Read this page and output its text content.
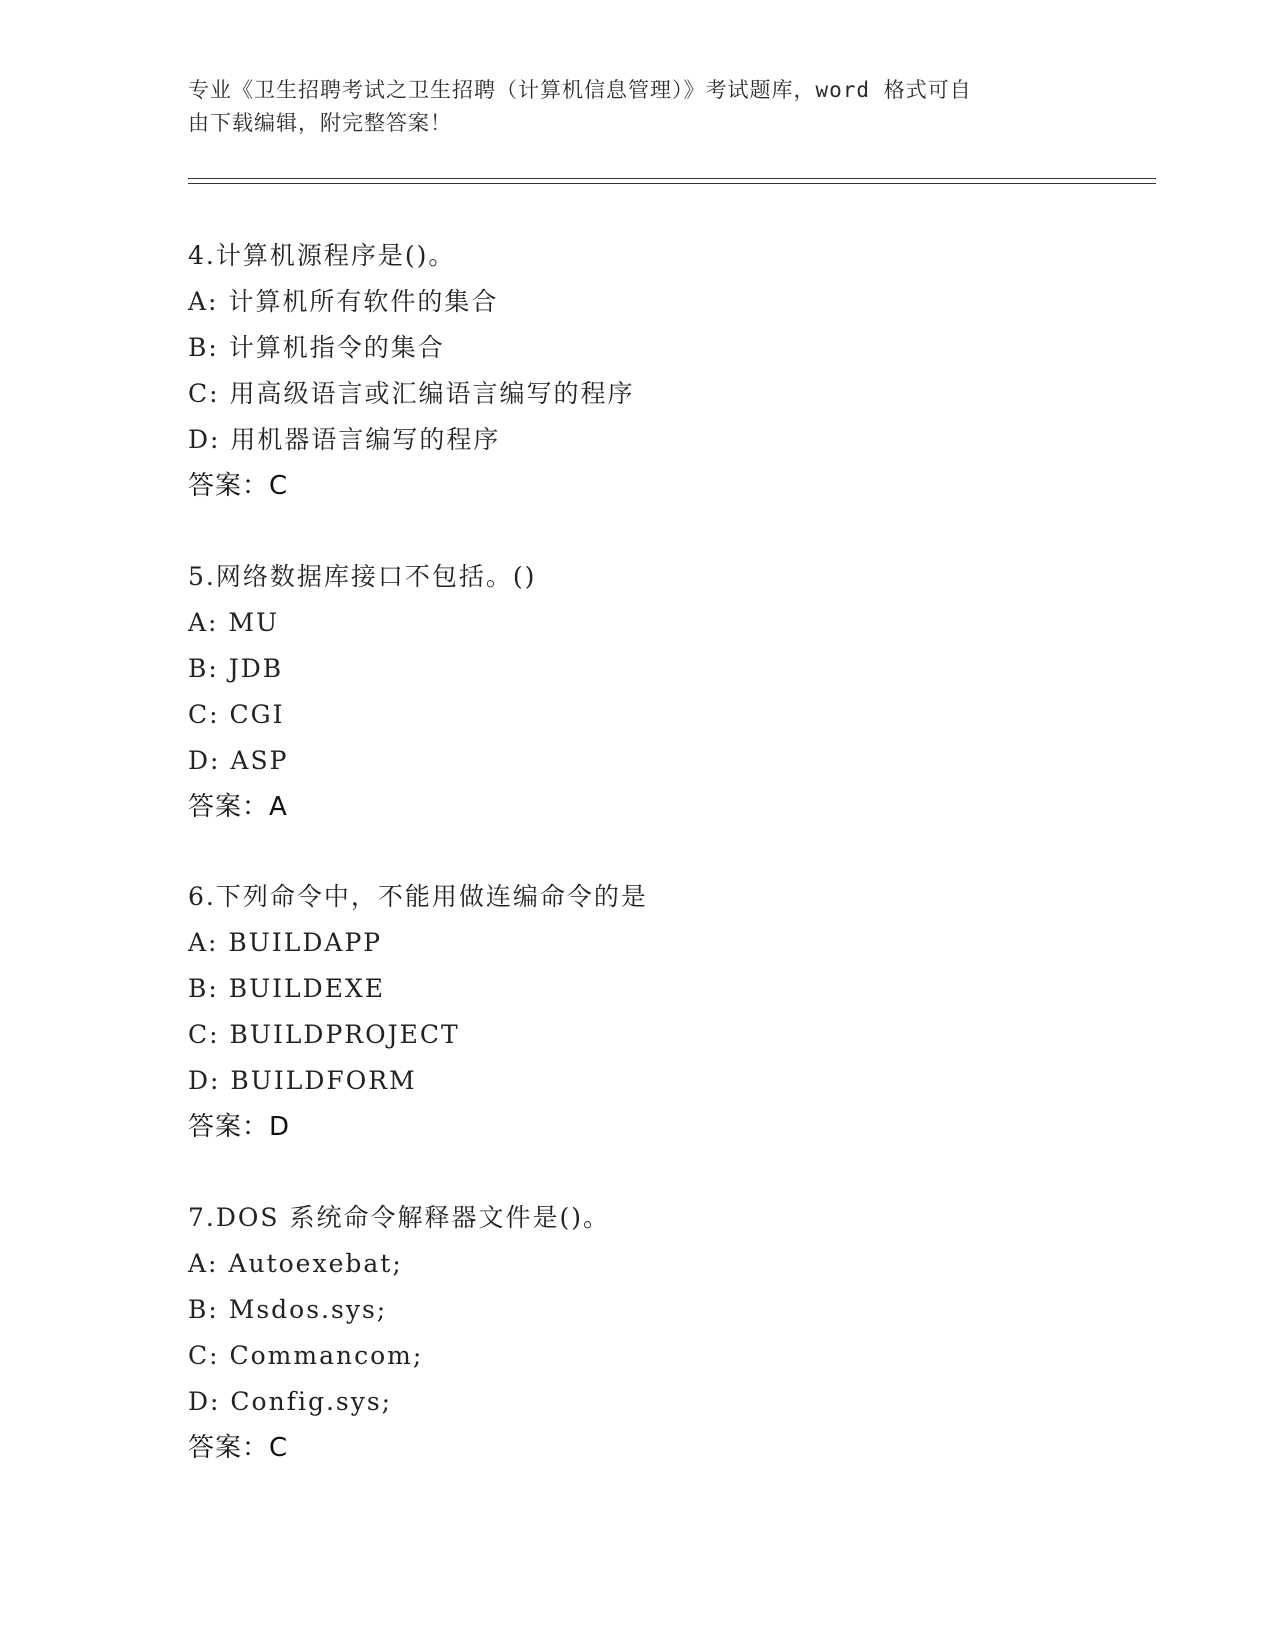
专业《卫生招聘考试之卫生招聘（计算机信息管理）》考试题库，word 格式可自
由下载编辑，附完整答案！
4.计算机源程序是()。
A: 计算机所有软件的集合
B: 计算机指令的集合
C: 用高级语言或汇编语言编写的程序
D: 用机器语言编写的程序
答案：C
5.网络数据库接口不包括。()
A: MU
B: JDB
C: CGI
D: ASP
答案：A
6.下列命令中，不能用做连编命令的是
A: BUILDAPP
B: BUILDEXE
C: BUILDPROJECT
D: BUILDFORM
答案：D
7.DOS 系统命令解释器文件是()。
A: Autoexebat;
B: Msdos.sys;
C: Commancom;
D: Config.sys;
答案：C
